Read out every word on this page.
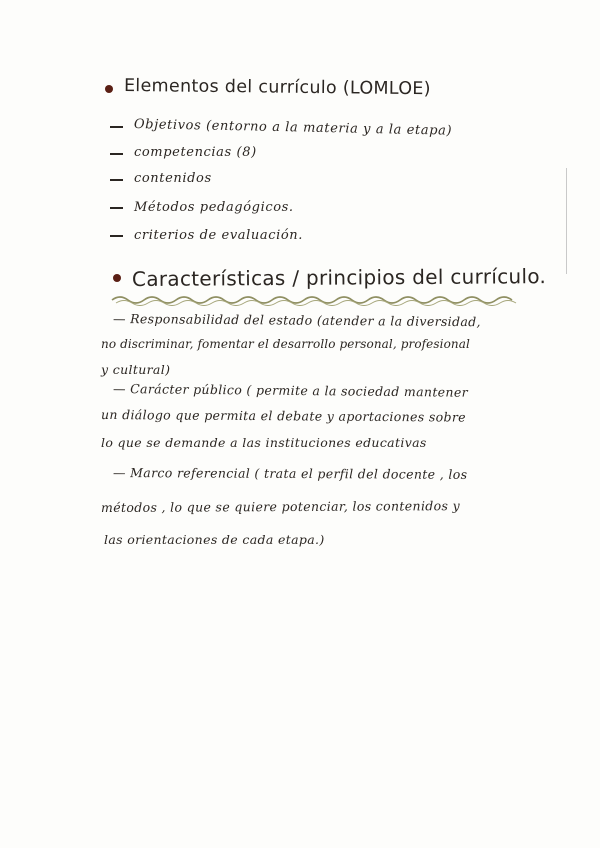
Elementos del currículo (LOMLOE)
Objetivos (entorno a la materia y a la etapa)
competencias (8)
contenidos
Métodos pedagógicos.
criterios de evaluación.
Características / principios del currículo.
— Responsabilidad del estado (atender a la diversidad,
no discriminar, fomentar el desarrollo personal, profesional
y cultural)
— Carácter público ( permite a la sociedad mantener
un diálogo que permita el debate y aportaciones sobre
lo que se demande a las instituciones educativas
— Marco referencial ( trata el perfil del docente , los
métodos , lo que se quiere potenciar, los contenidos y
las orientaciones de cada etapa.)
